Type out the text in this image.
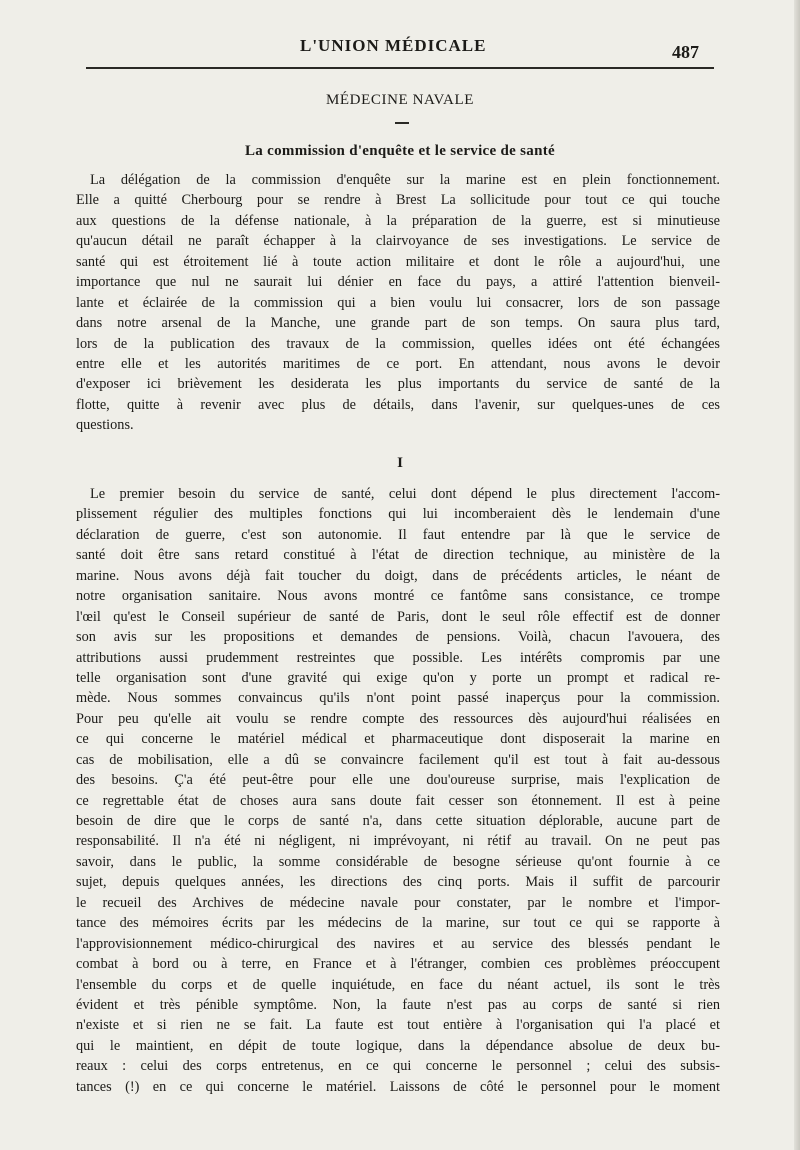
L'UNION MÉDICALE	487
MÉDECINE NAVALE
La commission d'enquête et le service de santé
La délégation de la commission d'enquête sur la marine est en plein fonctionnement.
Elle a quitté Cherbourg pour se rendre à Brest La sollicitude pour tout ce qui touche
aux questions de la défense nationale, à la préparation de la guerre, est si minutieuse
qu'aucun détail ne paraît échapper à la clairvoyance de ses investigations. Le service de
santé qui est étroitement lié à toute action militaire et dont le rôle a aujourd'hui, une
importance que nul ne saurait lui dénier en face du pays, a attiré l'attention bienveil-
lante et éclairée de la commission qui a bien voulu lui consacrer, lors de son passage
dans notre arsenal de la Manche, une grande part de son temps. On saura plus tard,
lors de la publication des travaux de la commission, quelles idées ont été échangées
entre elle et les autorités maritimes de ce port. En attendant, nous avons le devoir
d'exposer ici brièvement les desiderata les plus importants du service de santé de la
flotte, quitte à revenir avec plus de détails, dans l'avenir, sur quelques-unes de ces
questions.
I
Le premier besoin du service de santé, celui dont dépend le plus directement l'accom-
plissement régulier des multiples fonctions qui lui incomberaient dès le lendemain d'une
déclaration de guerre, c'est son autonomie. Il faut entendre par là que le service de
santé doit être sans retard constitué à l'état de direction technique, au ministère de la
marine. Nous avons déjà fait toucher du doigt, dans de précédents articles, le néant de
notre organisation sanitaire. Nous avons montré ce fantôme sans consistance, ce trompe
l'œil qu'est le Conseil supérieur de santé de Paris, dont le seul rôle effectif est de donner
son avis sur les propositions et demandes de pensions. Voilà, chacun l'avouera, des
attributions aussi prudemment restreintes que possible. Les intérêts compromis par une
telle organisation sont d'une gravité qui exige qu'on y porte un prompt et radical re-
mède. Nous sommes convaincus qu'ils n'ont point passé inaperçus pour la commission.
Pour peu qu'elle ait voulu se rendre compte des ressources dès aujourd'hui réalisées en
ce qui concerne le matériel médical et pharmaceutique dont disposerait la marine en
cas de mobilisation, elle a dû se convaincre facilement qu'il est tout à fait au-dessous
des besoins. Ç'a été peut-être pour elle une dou'oureuse surprise, mais l'explication de
ce regrettable état de choses aura sans doute fait cesser son étonnement. Il est à peine
besoin de dire que le corps de santé n'a, dans cette situation déplorable, aucune part de
responsabilité. Il n'a été ni négligent, ni imprévoyant, ni rétif au travail. On ne peut pas
savoir, dans le public, la somme considérable de besogne sérieuse qu'ont fournie à ce
sujet, depuis quelques années, les directions des cinq ports. Mais il suffit de parcourir
le recueil des Archives de médecine navale pour constater, par le nombre et l'impor-
tance des mémoires écrits par les médecins de la marine, sur tout ce qui se rapporte à
l'approvisionnement médico-chirurgical des navires et au service des blessés pendant le
combat à bord ou à terre, en France et à l'étranger, combien ces problèmes préoccupent
l'ensemble du corps et de quelle inquiétude, en face du néant actuel, ils sont le très
évident et très pénible symptôme. Non, la faute n'est pas au corps de santé si rien
n'existe et si rien ne se fait. La faute est tout entière à l'organisation qui l'a placé et
qui le maintient, en dépit de toute logique, dans la dépendance absolue de deux bu-
reaux : celui des corps entretenus, en ce qui concerne le personnel ; celui des subsis-
tances (!) en ce qui concerne le matériel. Laissons de côté le personnel pour le moment
